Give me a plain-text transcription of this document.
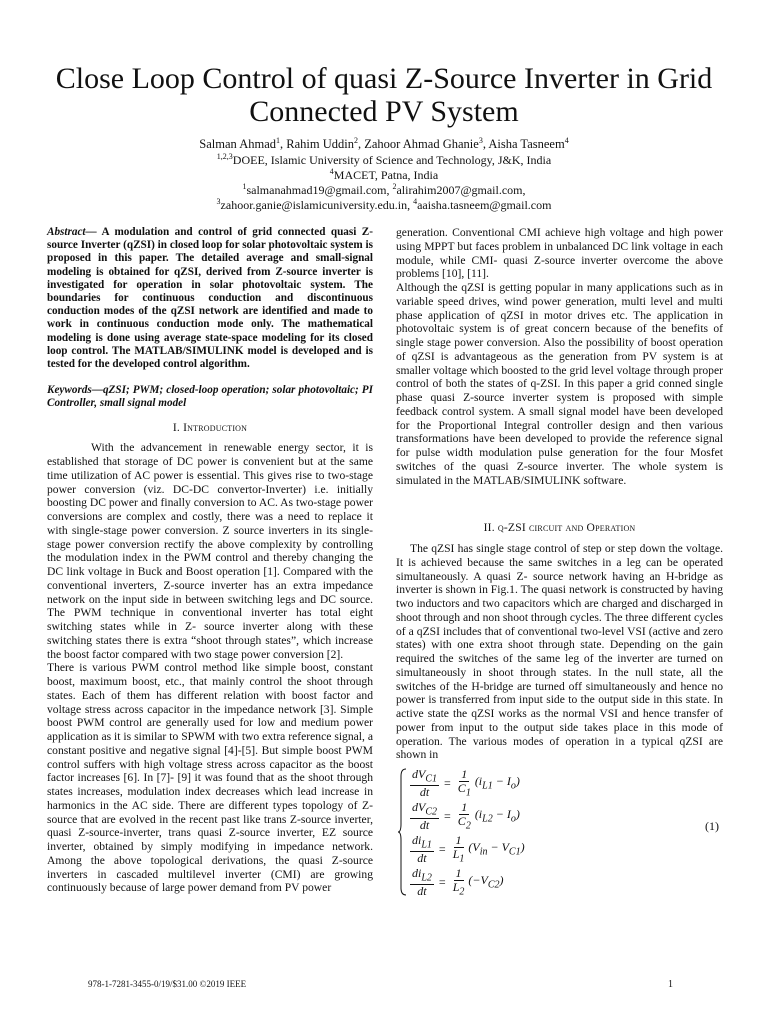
Close Loop Control of quasi Z-Source Inverter in Grid Connected PV System
Salman Ahmad$^1$, Rahim Uddin$^2$, Zahoor Ahmad Ghanie$^3$, Aisha Tasneem$^4$
$^{1,2,3}$DOEE, Islamic University of Science and Technology, J&K, India
$^4$MACET, Patna, India
$^1$salmanahmad19@gmail.com, $^2$alirahim2007@gmail.com,
$^3$zahoor.ganie@islamicuniversity.edu.in, $^4$aaisha.tasneem@gmail.com

Abstract— A modulation and control of grid connected quasi Z-source Inverter (qZSI) in closed loop for solar photovoltaic system is proposed in this paper. The detailed average and small-signal modeling is obtained for qZSI, derived from Z-source inverter is investigated for operation in solar photovoltaic system. The boundaries for continuous conduction and discontinuous conduction modes of the qZSI network are identified and made to work in continuous conduction mode only. The mathematical modeling is done using average state-space modeling for its closed loop control. The MATLAB/SIMULINK model is developed and is tested for the developed control algorithm.

Keywords—qZSI; PWM; closed-loop operation; solar photovoltaic; PI Controller, small signal model

I. Introduction

With the advancement in renewable energy sector, it is established that storage of DC power is convenient but at the same time utilization of AC power is essential. This gives rise to two-stage power conversion (viz. DC-DC convertor-Inverter) i.e. initially boosting DC power and finally conversion to AC. As two-stage power conversions are complex and costly, there was a need to replace it with single-stage power conversion. Z source inverters in its single-stage power conversion rectify the above complexity by controlling the modulation index in the PWM control and thereby changing the DC link voltage in Buck and Boost operation [1]. Compared with the conventional inverters, Z-source inverter has an extra impedance network on the input side in between switching legs and DC source. The PWM technique in conventional inverter has total eight switching states while in Z- source inverter along with these switching states there is extra “shoot through states”, which increase the boost factor compared with two stage power conversion [2].

There is various PWM control method like simple boost, constant boost, maximum boost, etc., that mainly control the shoot through states. Each of them has different relation with boost factor and voltage stress across capacitor in the impedance network [3]. Simple boost PWM control are generally used for low and medium power application as it is similar to SPWM with two extra reference signal, a constant positive and negative signal [4]-[5]. But simple boost PWM control suffers with high voltage stress across capacitor as the boost factor increases [6]. In [7]- [9] it was found that as the shoot through states increases, modulation index decreases which lead increase in harmonics in the AC side. There are different types topology of Z-source that are evolved in the recent past like trans Z-source inverter, quasi Z-source-inverter, trans quasi Z-source inverter, EZ source inverter, obtained by simply modifying in impedance network. Among the above topological derivations, the quasi Z-source inverters in cascaded multilevel inverter (CMI) are growing continuously because of large power demand from PV power

generation. Conventional CMI achieve high voltage and high power using MPPT but faces problem in unbalanced DC link voltage in each module, while CMI- quasi Z-source inverter overcome the above problems [10], [11].

Although the qZSI is getting popular in many applications such as in variable speed drives, wind power generation, multi level and multi phase application of qZSI in motor drives etc. The application in photovoltaic system is of great concern because of the benefits of single stage power conversion. Also the possibility of boost operation of qZSI is advantageous as the generation from PV system is at smaller voltage which boosted to the grid level voltage through proper control of both the states of q-ZSI. In this paper a grid conned single phase quasi Z-source inverter system is proposed with simple feedback control system. A small signal model have been developed for the Proportional Integral controller design and then various transformations have been developed to provide the reference signal for pulse width modulation pulse generation for the four Mosfet switches of the quasi Z-source inverter. The whole system is simulated in the MATLAB/SIMULINK software.

II. q-ZSI circuit and Operation

The qZSI has single stage control of step or step down the voltage. It is achieved because the same switches in a leg can be operated simultaneously. A quasi Z- source network having an H-bridge as inverter is shown in Fig.1. The quasi network is constructed by having two inductors and two capacitors which are charged and discharged in shoot through and non shoot through cycles. The three different cycles of a qZSI includes that of conventional two-level VSI (active and zero states) with one extra shoot through state. Depending on the gain required the switches of the same leg of the inverter are turned on simultaneously in shoot through states. In the null state, all the switches of the H-bridge are turned off simultaneously and hence no power is transferred from input side to the output side in this state. In active state the qZSI works as the normal VSI and hence transfer of power from input to the output side takes place in this mode of operation. The various modes of operation in a typical qZSI are shown in

$\frac{dV_{C1}}{dt} = \frac{1}{C_1} (i_{L1} - I_o)$
$\frac{dV_{C2}}{dt} = \frac{1}{C_2} (i_{L2} - I_o)$
$\frac{di_{L1}}{dt} = \frac{1}{L_1} (V_{in} - V_{C1})$
$\frac{di_{L2}}{dt} = \frac{1}{L_2} (-V_{C2})$
(1)
978-1-7281-3455-0/19/$31.00 ©2019 IEEE	1
